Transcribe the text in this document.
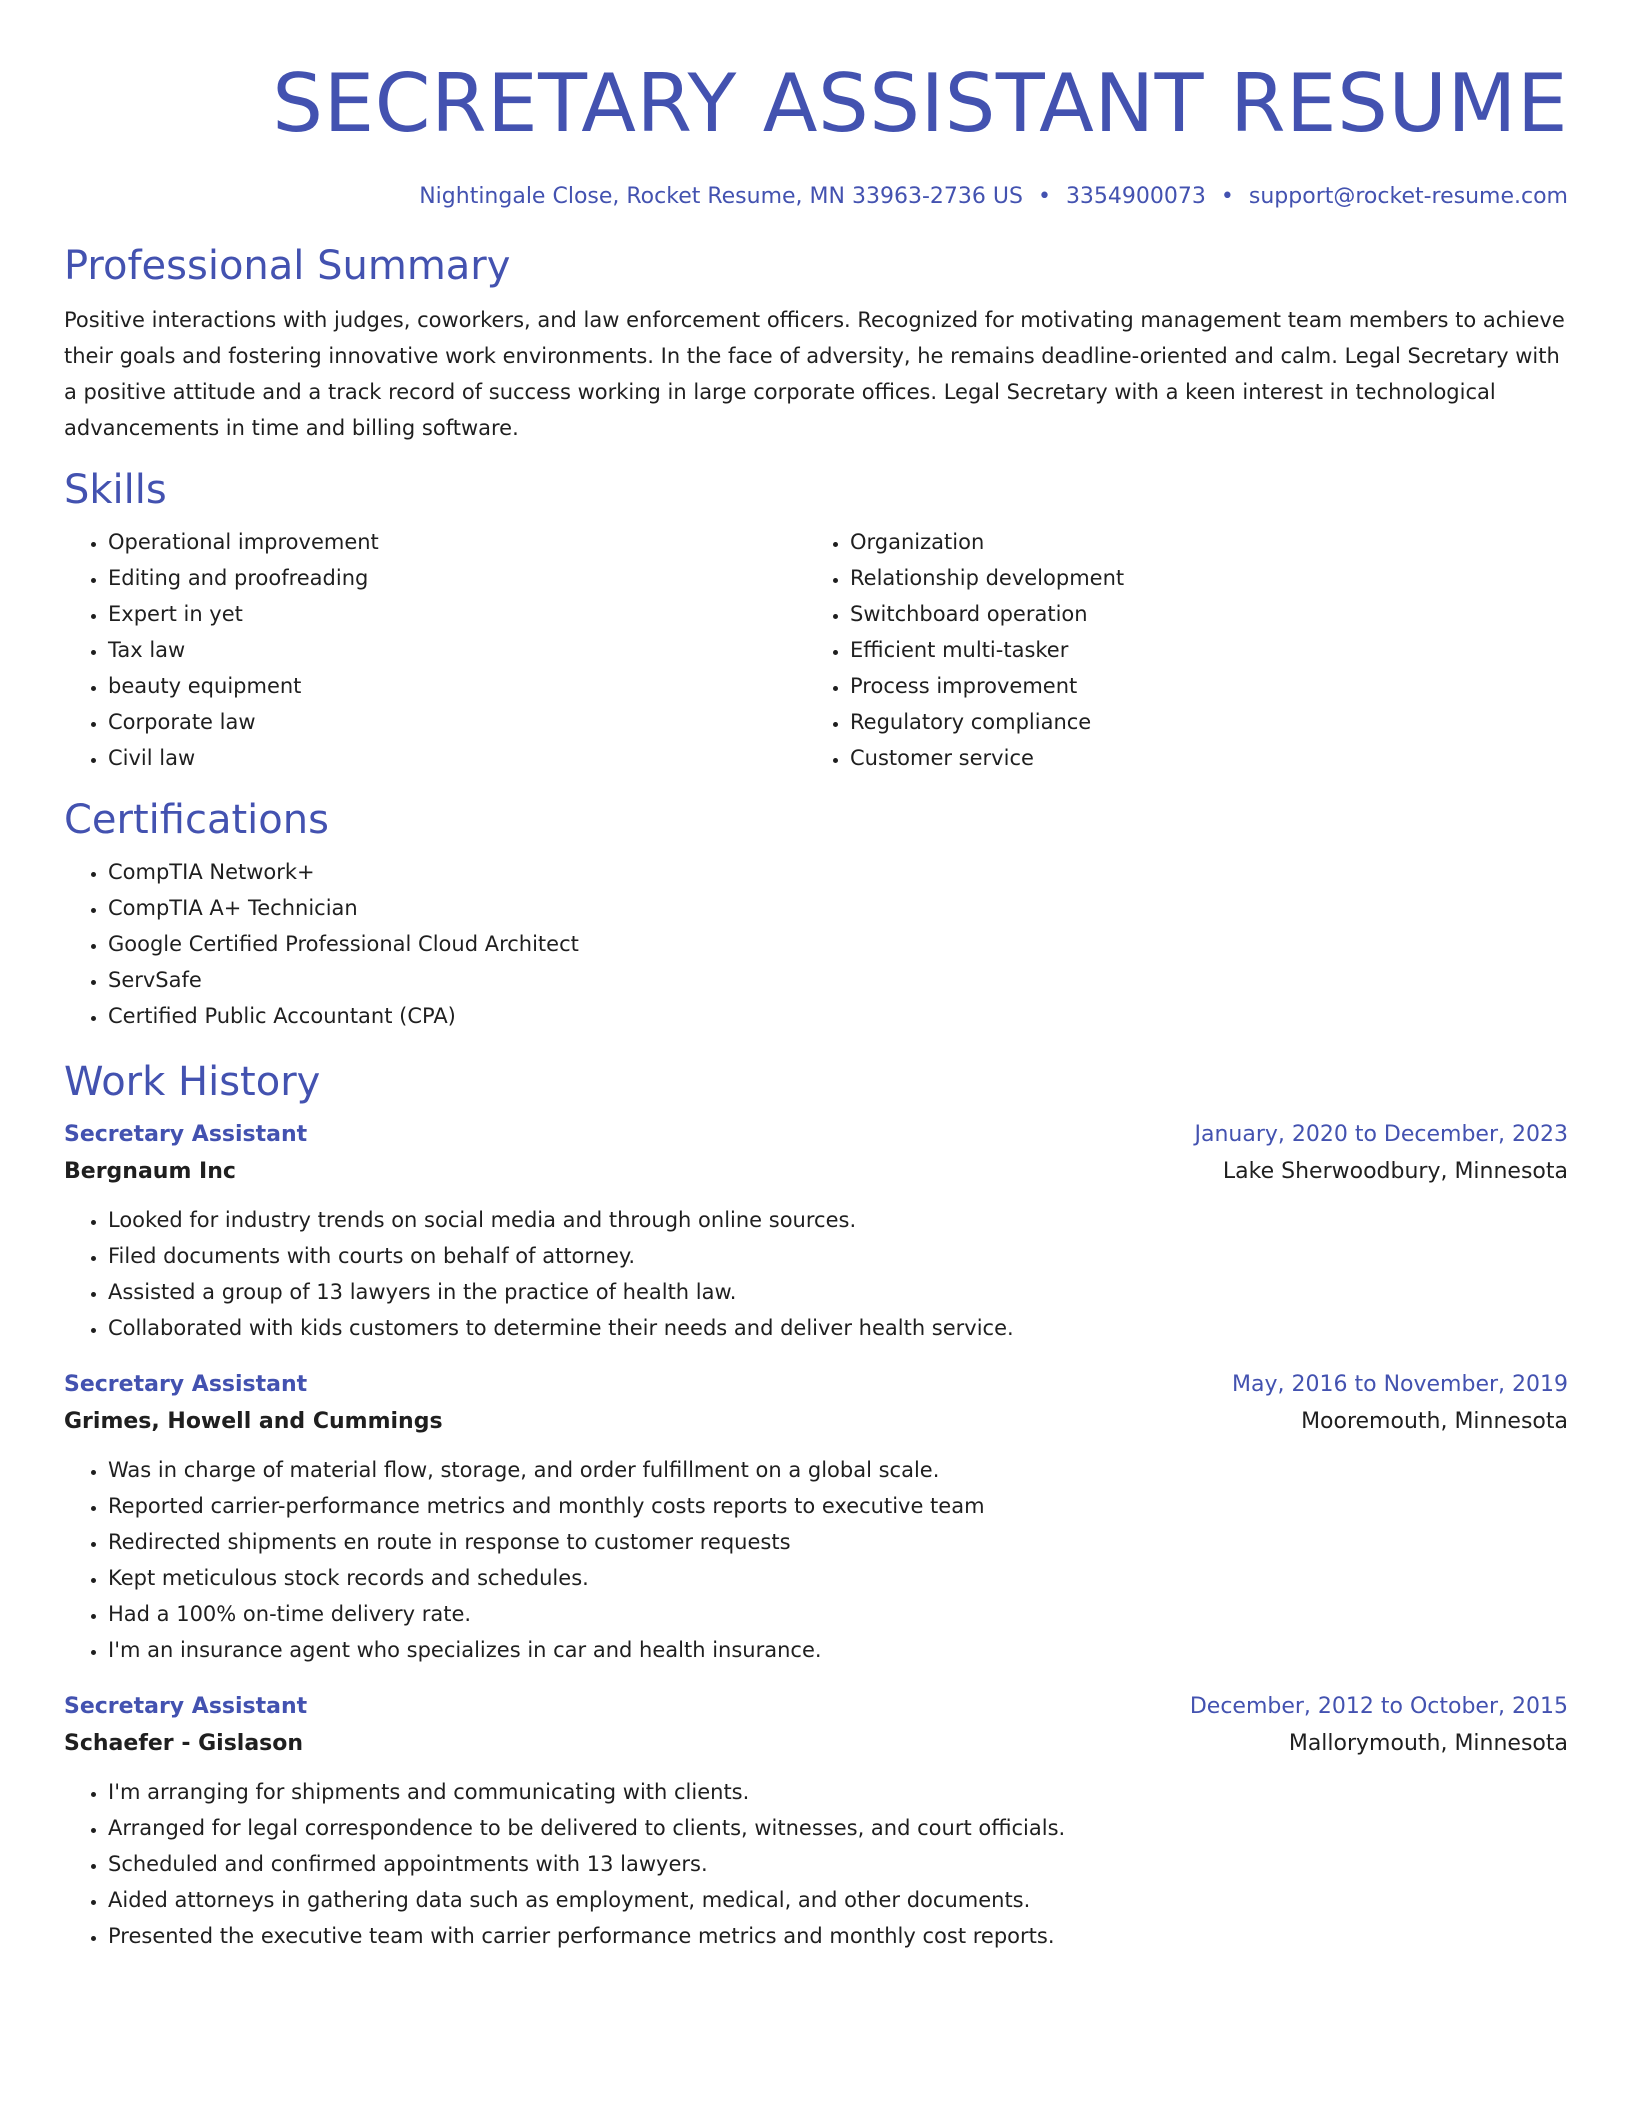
SECRETARY ASSISTANT RESUME
Nightingale Close, Rocket Resume, MN 33963-2736 US • 3354900073 • support@rocket-resume.com
Professional Summary

Positive interactions with judges, coworkers, and law enforcement officers. Recognized for motivating management team members to achieve their goals and fostering innovative work environments. In the face of adversity, he remains deadline-oriented and calm. Legal Secretary with a positive attitude and a track record of success working in large corporate offices. Legal Secretary with a keen interest in technological advancements in time and billing software.

Skills
• Operational improvement
• Editing and proofreading
• Expert in yet
• Tax law
• beauty equipment
• Corporate law
• Civil law
• Organization
• Relationship development
• Switchboard operation
• Efficient multi-tasker
• Process improvement
• Regulatory compliance
• Customer service
Certifications
• CompTIA Network+
• CompTIA A+ Technician
• Google Certified Professional Cloud Architect
• ServSafe
• Certified Public Accountant (CPA)
Work History
Secretary Assistant	January, 2020 to December, 2023
Bergnaum Inc	Lake Sherwoodbury, Minnesota
• Looked for industry trends on social media and through online sources.
• Filed documents with courts on behalf of attorney.
• Assisted a group of 13 lawyers in the practice of health law.
• Collaborated with kids customers to determine their needs and deliver health service.
Secretary Assistant	May, 2016 to November, 2019
Grimes, Howell and Cummings	Mooremouth, Minnesota
• Was in charge of material flow, storage, and order fulfillment on a global scale.
• Reported carrier-performance metrics and monthly costs reports to executive team
• Redirected shipments en route in response to customer requests
• Kept meticulous stock records and schedules.
• Had a 100% on-time delivery rate.
• I'm an insurance agent who specializes in car and health insurance.
Secretary Assistant	December, 2012 to October, 2015
Schaefer - Gislason	Mallorymouth, Minnesota
• I'm arranging for shipments and communicating with clients.
• Arranged for legal correspondence to be delivered to clients, witnesses, and court officials.
• Scheduled and confirmed appointments with 13 lawyers.
• Aided attorneys in gathering data such as employment, medical, and other documents.
• Presented the executive team with carrier performance metrics and monthly cost reports.
